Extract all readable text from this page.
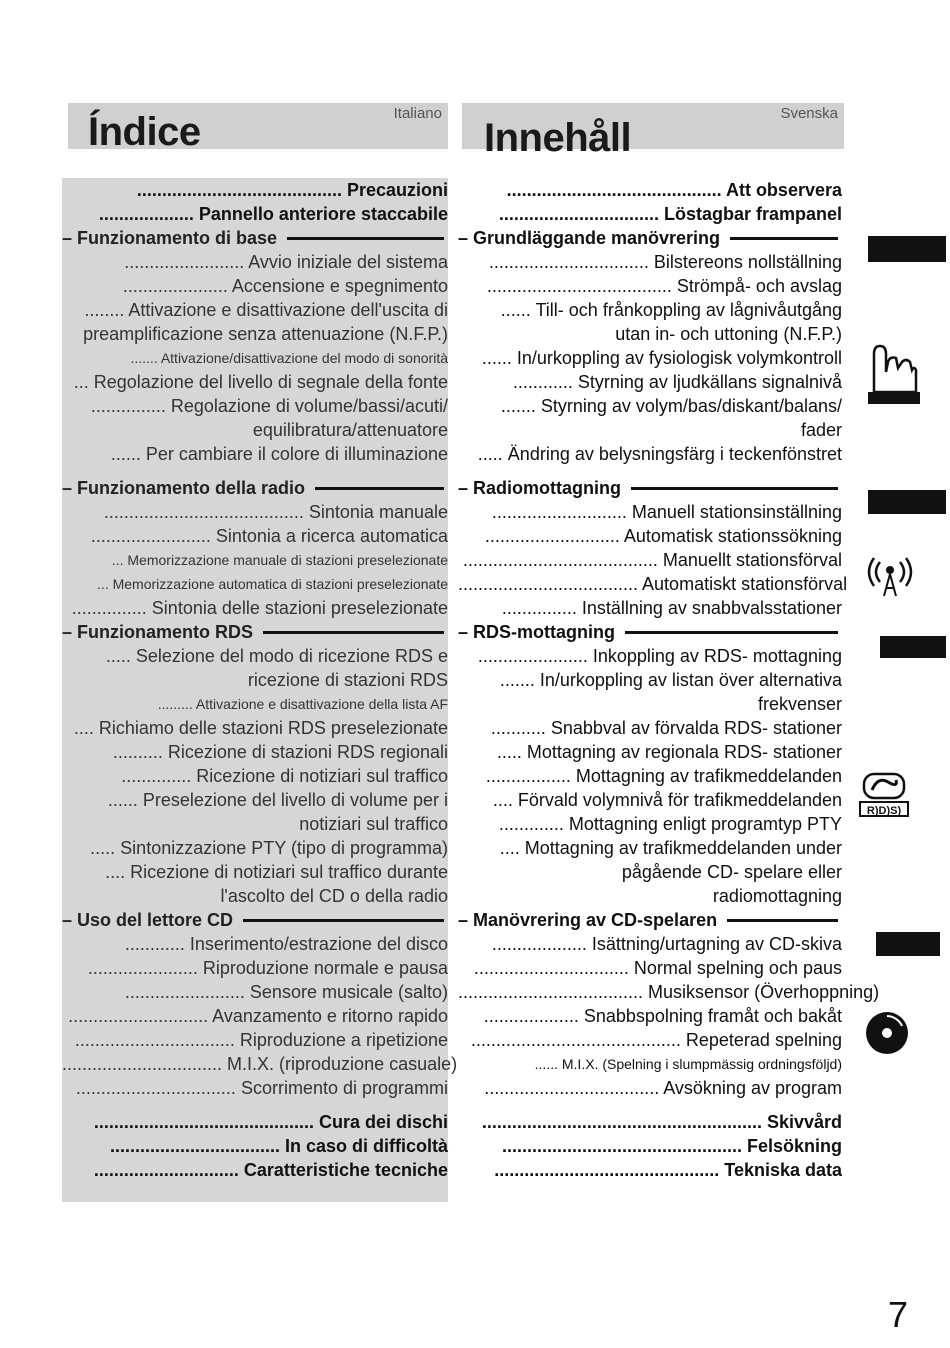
Índice	Italiano
Innehåll
Svenska
......................................... Precauzioni
................... Pannello anteriore staccabile
– Funzionamento di base
........................ Avvio iniziale del sistema
..................... Accensione e spegnimento
........ Attivazione e disattivazione dell'uscita di
preamplificazione senza attenuazione (N.F.P.)
....... Attivazione/disattivazione del modo di sonorità
... Regolazione del livello di segnale della fonte
............... Regolazione di volume/bassi/acuti/
equilibratura/attenuatore
...... Per cambiare il colore di illuminazione
– Funzionamento della radio
........................................ Sintonia manuale
........................ Sintonia a ricerca automatica
... Memorizzazione manuale di stazioni preselezionate
... Memorizzazione automatica di stazioni preselezionate
............... Sintonia delle stazioni preselezionate
– Funzionamento RDS
..... Selezione del modo di ricezione RDS e
ricezione di stazioni RDS
......... Attivazione e disattivazione della lista AF
.... Richiamo delle stazioni RDS preselezionate
.......... Ricezione di stazioni RDS regionali
.............. Ricezione di notiziari sul traffico
...... Preselezione del livello di volume per i
notiziari sul traffico
..... Sintonizzazione PTY (tipo di programma)
.... Ricezione di notiziari sul traffico durante
l'ascolto del CD o della radio
– Uso del lettore CD
............ Inserimento/estrazione del disco
...................... Riproduzione normale e pausa
........................ Sensore musicale (salto)
............................ Avanzamento e ritorno rapido
................................ Riproduzione a ripetizione
................................ M.I.X. (riproduzione casuale)
................................ Scorrimento di programmi
............................................ Cura dei dischi
.................................. In caso di difficoltà
............................. Caratteristiche tecniche
........................................... Att observera
................................ Löstagbar frampanel
– Grundläggande manövrering
................................ Bilstereons nollställning
..................................... Strömpå- och avslag
...... Till- och frånkoppling av lågnivåutgång
utan in- och uttoning (N.F.P.)
...... In/urkoppling av fysiologisk volymkontroll
............ Styrning av ljudkällans signalnivå
....... Styrning av volym/bas/diskant/balans/
fader
..... Ändring av belysningsfärg i teckenfönstret
– Radiomottagning
........................... Manuell stationsinställning
........................... Automatisk stationssökning
....................................... Manuellt stationsförval
.................................... Automatiskt stationsförval
............... Inställning av snabbvalsstationer
– RDS-mottagning
...................... Inkoppling av RDS- mottagning
....... In/urkoppling av listan över alternativa
frekvenser
........... Snabbval av förvalda RDS- stationer
..... Mottagning av regionala RDS- stationer
................. Mottagning av trafikmeddelanden
.... Förvald volymnivå för trafikmeddelanden
............. Mottagning enligt programtyp PTY
.... Mottagning av trafikmeddelanden under
pågående CD- spelare eller
radiomottagning
– Manövrering av CD-spelaren
................... Isättning/urtagning av CD-skiva
............................... Normal spelning och paus
..................................... Musiksensor (Överhoppning)
................... Snabbspolning framåt och bakåt
.......................................... Repeterad spelning
...... M.I.X. (Spelning i slumpmässig ordningsföljd)
................................... Avsökning av program
........................................................ Skivvård
................................................ Felsökning
............................................. Tekniska data
R)D)S)
7
